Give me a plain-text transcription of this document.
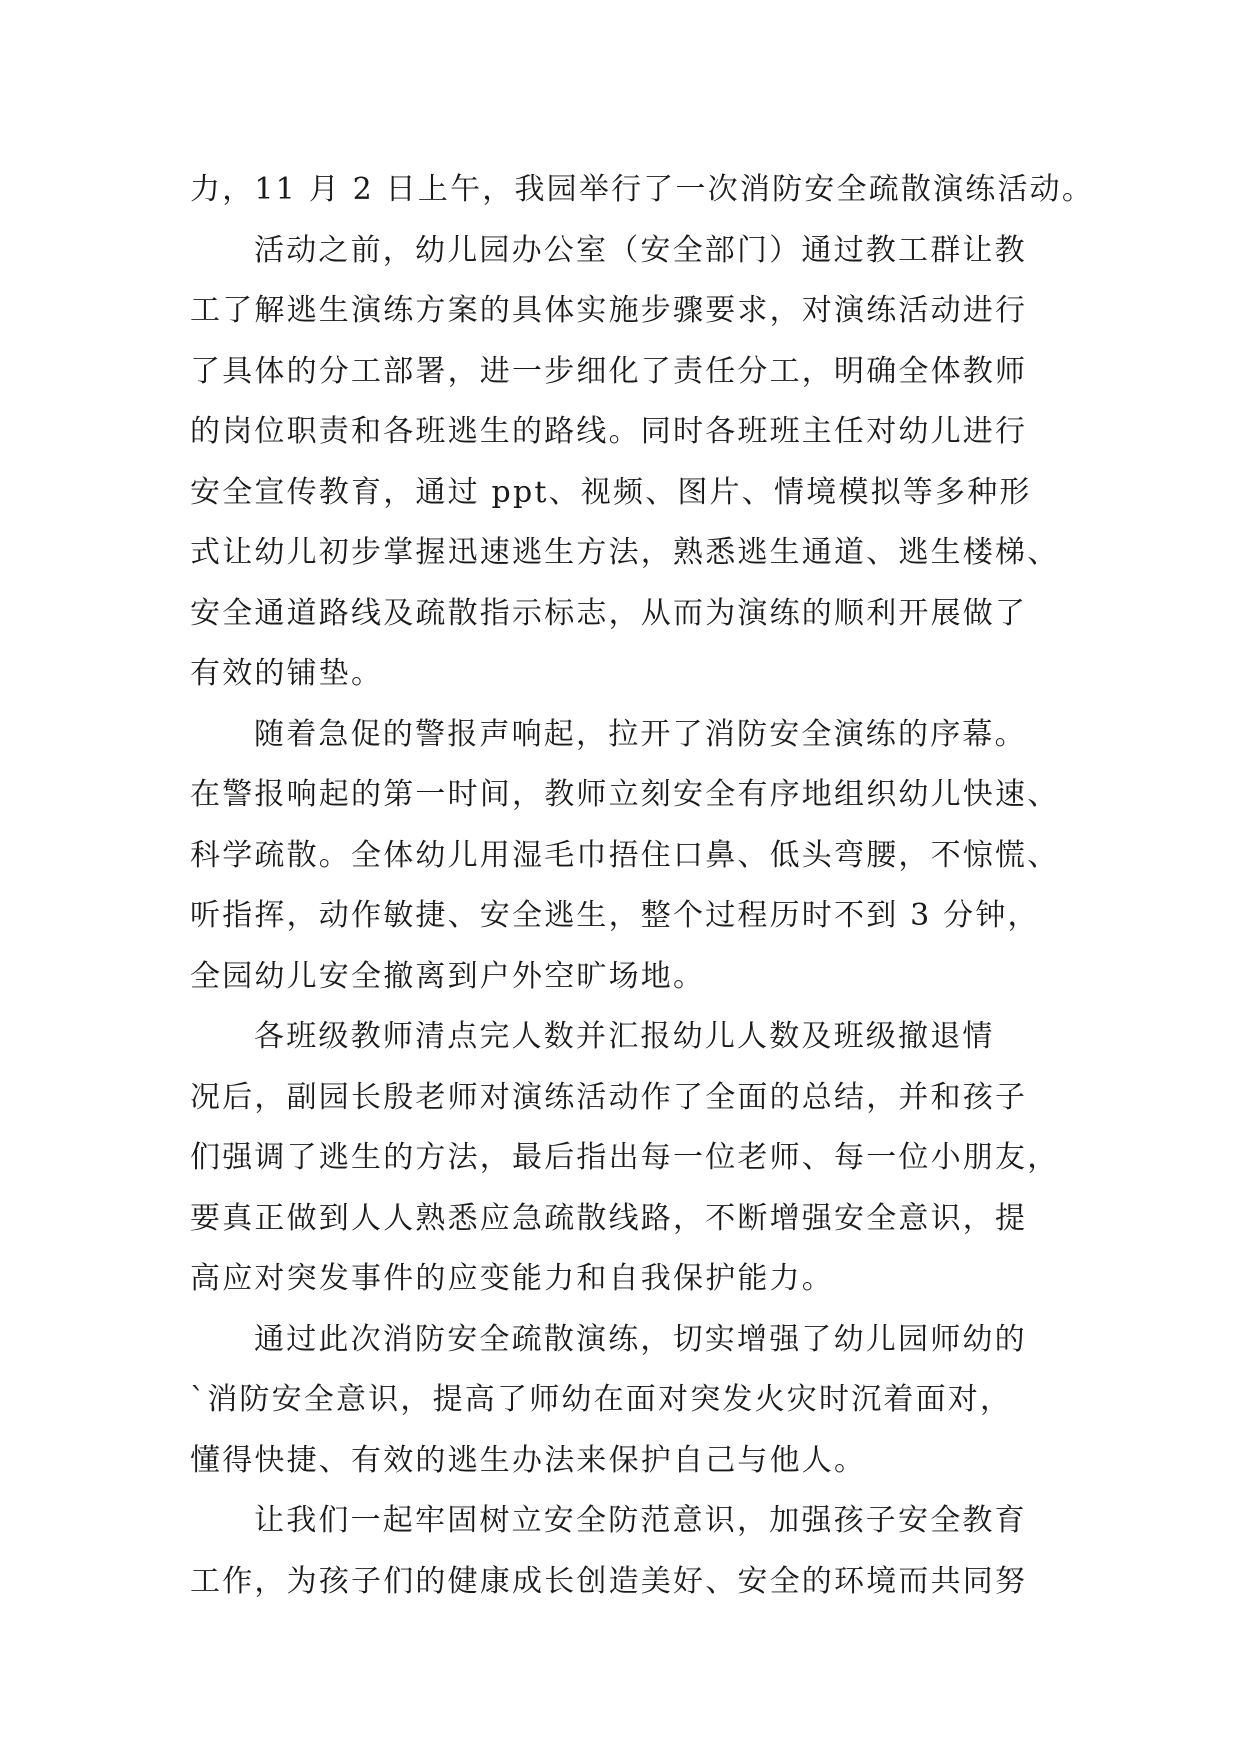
力，11 月 2 日上午，我园举行了一次消防安全疏散演练活动。
活动之前，幼儿园办公室（安全部门）通过教工群让教
工了解逃生演练方案的具体实施步骤要求，对演练活动进行
了具体的分工部署，进一步细化了责任分工，明确全体教师
的岗位职责和各班逃生的路线。同时各班班主任对幼儿进行
安全宣传教育，通过 ppt、视频、图片、情境模拟等多种形
式让幼儿初步掌握迅速逃生方法，熟悉逃生通道、逃生楼梯、
安全通道路线及疏散指示标志，从而为演练的顺利开展做了
有效的铺垫。
随着急促的警报声响起，拉开了消防安全演练的序幕。
在警报响起的第一时间，教师立刻安全有序地组织幼儿快速、
科学疏散。全体幼儿用湿毛巾捂住口鼻、低头弯腰，不惊慌、
听指挥，动作敏捷、安全逃生，整个过程历时不到 3 分钟，
全园幼儿安全撤离到户外空旷场地。
各班级教师清点完人数并汇报幼儿人数及班级撤退情
况后，副园长殷老师对演练活动作了全面的总结，并和孩子
们强调了逃生的方法，最后指出每一位老师、每一位小朋友，
要真正做到人人熟悉应急疏散线路，不断增强安全意识，提
高应对突发事件的应变能力和自我保护能力。
通过此次消防安全疏散演练，切实增强了幼儿园师幼的
`消防安全意识，提高了师幼在面对突发火灾时沉着面对，
懂得快捷、有效的逃生办法来保护自己与他人。
让我们一起牢固树立安全防范意识，加强孩子安全教育
工作，为孩子们的健康成长创造美好、安全的环境而共同努
